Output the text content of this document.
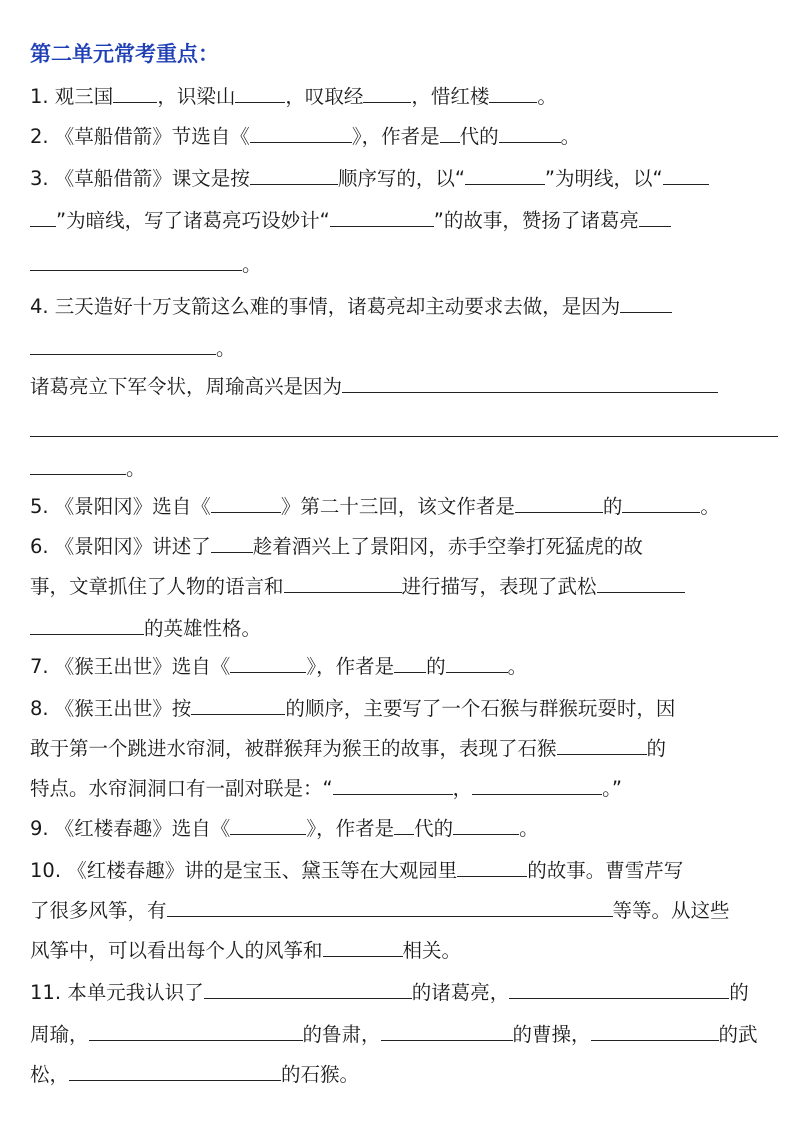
第二单元常考重点：
1. 观三国 ，识梁山	，叹取经 ，惜红楼 。
2. 《草船借箭》节选自《	》，作者是 代的	。
3. 《草船借箭》课文是按	顺序写的，以“	”为明线，以“
”为暗线，写了诸葛亮巧设妙计“	”的故事，赞扬了诸葛亮
。
4. 三天造好十万支箭这么难的事情，诸葛亮却主动要求去做，是因为
。
诸葛亮立下军令状，周瑜高兴是因为
。
5. 《景阳冈》选自《	》第二十三回，该文作者是	的	。
6. 《景阳冈》讲述了 趁着酒兴上了景阳冈，赤手空拳打死猛虎的故
事，文章抓住了人物的语言和	进行描写，表现了武松
的英雄性格。
7. 《猴王出世》选自《	》，作者是 的	。
8. 《猴王出世》按	的顺序，主要写了一个石猴与群猴玩耍时，因
敢于第一个跳进水帘洞，被群猴拜为猴王的故事，表现了石猴	的
特点。水帘洞洞口有一副对联是：“	，	。”
9. 《红楼春趣》选自《	》，作者是 代的	。
10. 《红楼春趣》讲的是宝玉、黛玉等在大观园里	的故事。曹雪芹写
了很多风筝，有	等等。从这些
风筝中，可以看出每个人的风筝和	相关。
11. 本单元我认识了	的诸葛亮，	的
周瑜，	的鲁肃，	的曹操，	的武
松，	的石猴。
